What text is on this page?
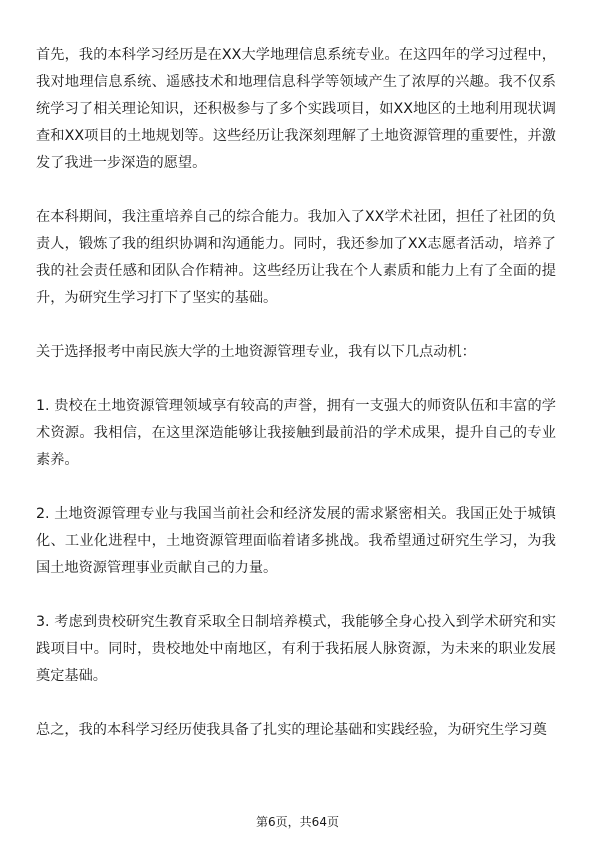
首先，我的本科学习经历是在XX大学地理信息系统专业。在这四年的学习过程中，我对地理信息系统、遥感技术和地理信息科学等领域产生了浓厚的兴趣。我不仅系统学习了相关理论知识，还积极参与了多个实践项目，如XX地区的土地利用现状调查和XX项目的土地规划等。这些经历让我深刻理解了土地资源管理的重要性，并激发了我进一步深造的愿望。

在本科期间，我注重培养自己的综合能力。我加入了XX学术社团，担任了社团的负责人，锻炼了我的组织协调和沟通能力。同时，我还参加了XX志愿者活动，培养了我的社会责任感和团队合作精神。这些经历让我在个人素质和能力上有了全面的提升，为研究生学习打下了坚实的基础。

关于选择报考中南民族大学的土地资源管理专业，我有以下几点动机：

1. 贵校在土地资源管理领域享有较高的声誉，拥有一支强大的师资队伍和丰富的学术资源。我相信，在这里深造能够让我接触到最前沿的学术成果，提升自己的专业素养。

2. 土地资源管理专业与我国当前社会和经济发展的需求紧密相关。我国正处于城镇化、工业化进程中，土地资源管理面临着诸多挑战。我希望通过研究生学习，为我国土地资源管理事业贡献自己的力量。

3. 考虑到贵校研究生教育采取全日制培养模式，我能够全身心投入到学术研究和实践项目中。同时，贵校地处中南地区，有利于我拓展人脉资源，为未来的职业发展奠定基础。

总之，我的本科学习经历使我具备了扎实的理论基础和实践经验，为研究生学习奠

第6页，共64页
